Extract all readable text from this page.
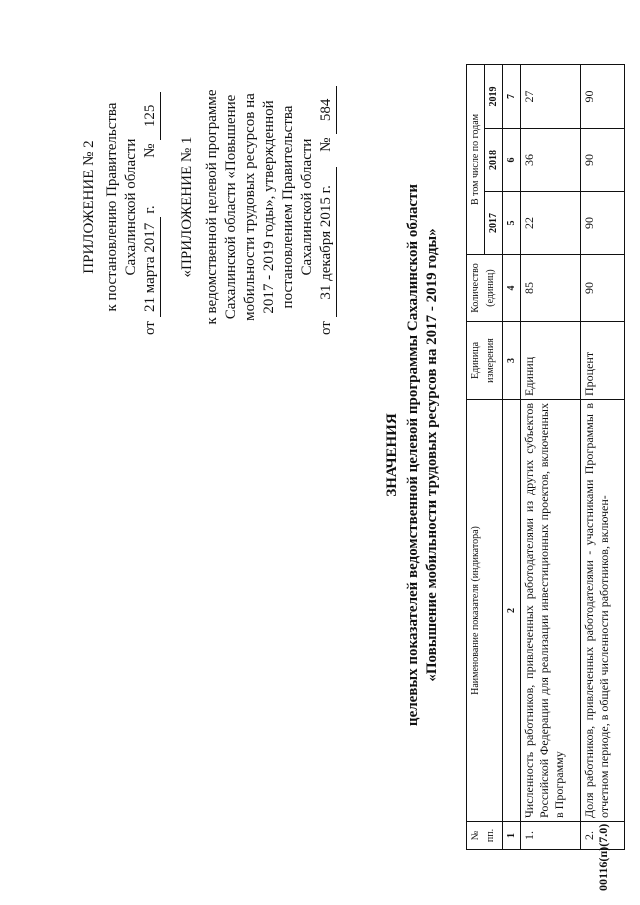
ПРИЛОЖЕНИЕ № 2 к постановлению Правительства Сахалинской области
от 21 марта 2017 г.  № 125
«ПРИЛОЖЕНИЕ № 1 к ведомственной целевой программе Сахалинской области «Повышение мобильности трудовых ресурсов на 2017 - 2019 годы», утвержденной постановлением Правительства Сахалинской области
от 31 декабря 2015 г.  № 584
ЗНАЧЕНИЯ целевых показателей ведомственной целевой программы Сахалинской области «Повышение мобильности трудовых ресурсов на 2017 - 2019 годы»
№ пп.	Наименование показателя (индикатора)	Единица измерения	Количество (единиц)	В том числе по годам		
				2017	2018	2019
1	2	3	4	5	6	7
1.	Численность работников, привлеченных работодателями из других субъектов Российской Федерации для реализации инвестиционных проектов, включенных в Программу	Единиц	85	22	36	27
2.	Доля работников, привлеченных работодателями - участниками Программы в отчетном периоде, в общей численности работников, включен-	Процент	90	90	90	90
00116(п)(7.0)
